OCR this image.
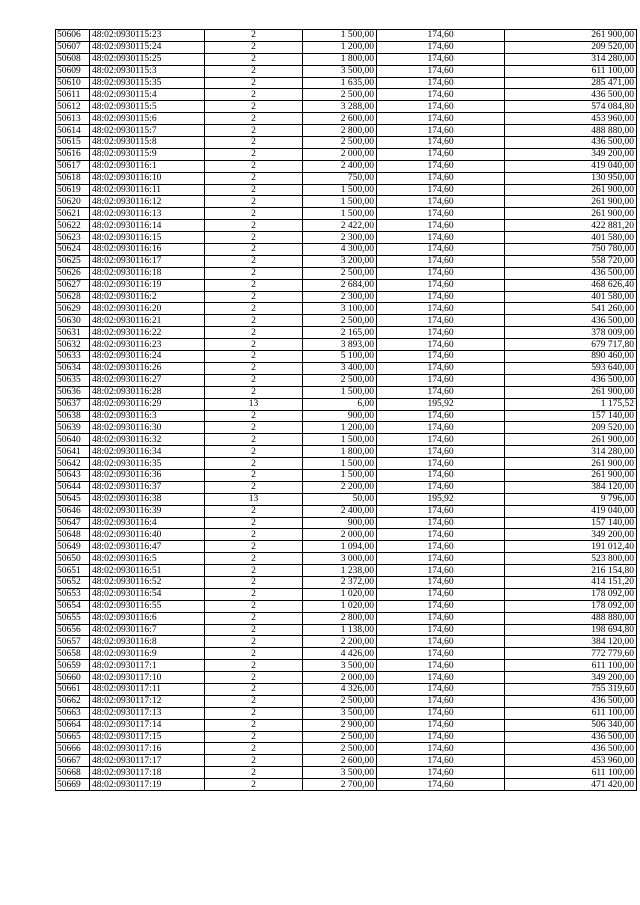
50606	48:02:0930115:23	2	1 500,00	174,60	261 900,00
50607	48:02:0930115:24	2	1 200,00	174,60	209 520,00
50608	48:02:0930115:25	2	1 800,00	174,60	314 280,00
50609	48:02:0930115:3	2	3 500,00	174,60	611 100,00
50610	48:02:0930115:35	2	1 635,00	174,60	285 471,00
50611	48:02:0930115:4	2	2 500,00	174,60	436 500,00
50612	48:02:0930115:5	2	3 288,00	174,60	574 084,80
50613	48:02:0930115:6	2	2 600,00	174,60	453 960,00
50614	48:02:0930115:7	2	2 800,00	174,60	488 880,00
50615	48:02:0930115:8	2	2 500,00	174,60	436 500,00
50616	48:02:0930115:9	2	2 000,00	174,60	349 200,00
50617	48:02:0930116:1	2	2 400,00	174,60	419 040,00
50618	48:02:0930116:10	2	750,00	174,60	130 950,00
50619	48:02:0930116:11	2	1 500,00	174,60	261 900,00
50620	48:02:0930116:12	2	1 500,00	174,60	261 900,00
50621	48:02:0930116:13	2	1 500,00	174,60	261 900,00
50622	48:02:0930116:14	2	2 422,00	174,60	422 881,20
50623	48:02:0930116:15	2	2 300,00	174,60	401 580,00
50624	48:02:0930116:16	2	4 300,00	174,60	750 780,00
50625	48:02:0930116:17	2	3 200,00	174,60	558 720,00
50626	48:02:0930116:18	2	2 500,00	174,60	436 500,00
50627	48:02:0930116:19	2	2 684,00	174,60	468 626,40
50628	48:02:0930116:2	2	2 300,00	174,60	401 580,00
50629	48:02:0930116:20	2	3 100,00	174,60	541 260,00
50630	48:02:0930116:21	2	2 500,00	174,60	436 500,00
50631	48:02:0930116:22	2	2 165,00	174,60	378 009,00
50632	48:02:0930116:23	2	3 893,00	174,60	679 717,80
50633	48:02:0930116:24	2	5 100,00	174,60	890 460,00
50634	48:02:0930116:26	2	3 400,00	174,60	593 640,00
50635	48:02:0930116:27	2	2 500,00	174,60	436 500,00
50636	48:02:0930116:28	2	1 500,00	174,60	261 900,00
50637	48:02:0930116:29	13	6,00	195,92	1 175,52
50638	48:02:0930116:3	2	900,00	174,60	157 140,00
50639	48:02:0930116:30	2	1 200,00	174,60	209 520,00
50640	48:02:0930116:32	2	1 500,00	174,60	261 900,00
50641	48:02:0930116:34	2	1 800,00	174,60	314 280,00
50642	48:02:0930116:35	2	1 500,00	174,60	261 900,00
50643	48:02:0930116:36	2	1 500,00	174,60	261 900,00
50644	48:02:0930116:37	2	2 200,00	174,60	384 120,00
50645	48:02:0930116:38	13	50,00	195,92	9 796,00
50646	48:02:0930116:39	2	2 400,00	174,60	419 040,00
50647	48:02:0930116:4	2	900,00	174,60	157 140,00
50648	48:02:0930116:40	2	2 000,00	174,60	349 200,00
50649	48:02:0930116:47	2	1 094,00	174,60	191 012,40
50650	48:02:0930116:5	2	3 000,00	174,60	523 800,00
50651	48:02:0930116:51	2	1 238,00	174,60	216 154,80
50652	48:02:0930116:52	2	2 372,00	174,60	414 151,20
50653	48:02:0930116:54	2	1 020,00	174,60	178 092,00
50654	48:02:0930116:55	2	1 020,00	174,60	178 092,00
50655	48:02:0930116:6	2	2 800,00	174,60	488 880,00
50656	48:02:0930116:7	2	1 138,00	174,60	198 694,80
50657	48:02:0930116:8	2	2 200,00	174,60	384 120,00
50658	48:02:0930116:9	2	4 426,00	174,60	772 779,60
50659	48:02:0930117:1	2	3 500,00	174,60	611 100,00
50660	48:02:0930117:10	2	2 000,00	174,60	349 200,00
50661	48:02:0930117:11	2	4 326,00	174,60	755 319,60
50662	48:02:0930117:12	2	2 500,00	174,60	436 500,00
50663	48:02:0930117:13	2	3 500,00	174,60	611 100,00
50664	48:02:0930117:14	2	2 900,00	174,60	506 340,00
50665	48:02:0930117:15	2	2 500,00	174,60	436 500,00
50666	48:02:0930117:16	2	2 500,00	174,60	436 500,00
50667	48:02:0930117:17	2	2 600,00	174,60	453 960,00
50668	48:02:0930117:18	2	3 500,00	174,60	611 100,00
50669	48:02:0930117:19	2	2 700,00	174,60	471 420,00
